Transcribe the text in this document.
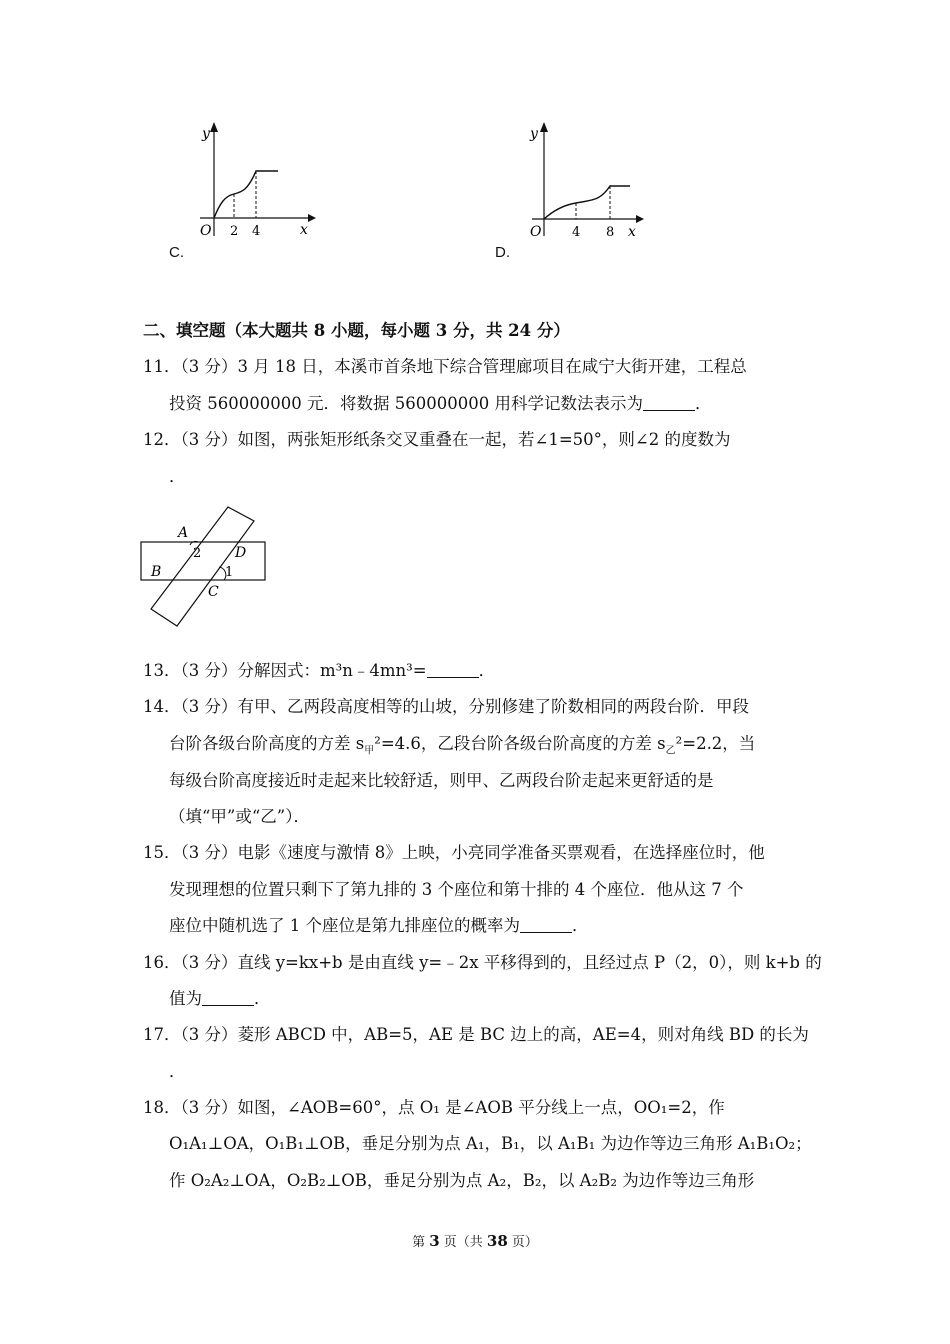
y
x
O 2 4
C.
y
x
O 4 8
D.
二、填空题（本大题共 8 小题，每小题 3 分，共 24 分）
11．（3 分）3 月 18 日，本溪市首条地下综合管理廊项目在咸宁大街开建，工程总
投资 560000000 元．将数据 560000000 用科学记数法表示为	．
12．（3 分）如图，两张矩形纸条交叉重叠在一起，若∠1=50°，则∠2 的度数为
．
A
2 D
B	1
C
13．（3 分）分解因式：m³n﹣4mn³=	．
14．（3 分）有甲、乙两段高度相等的山坡，分别修建了阶数相同的两段台阶．甲段
台阶各级台阶高度的方差 $s_甲^2=4.6$，乙段台阶各级台阶高度的方差 $s_乙^2=2.2$，当
每级台阶高度接近时走起来比较舒适，则甲、乙两段台阶走起来更舒适的是
（填“甲”或“乙”）．
15．（3 分）电影《速度与激情 8》上映，小亮同学准备买票观看，在选择座位时，他
发现理想的位置只剩下了第九排的 3 个座位和第十排的 4 个座位．他从这 7 个
座位中随机选了 1 个座位是第九排座位的概率为	．
16．（3 分）直线 y=kx+b 是由直线 y=﹣2x 平移得到的，且经过点 P（2，0），则 k+b 的
值为	．
17．（3 分）菱形 ABCD 中，AB=5，AE 是 BC 边上的高，AE=4，则对角线 BD 的长为
．
18．（3 分）如图，∠AOB=60°，点 O₁ 是∠AOB 平分线上一点，OO₁=2，作
O₁A₁⊥OA，O₁B₁⊥OB，垂足分别为点 A₁，B₁，以 A₁B₁ 为边作等边三角形 A₁B₁O₂；
作 O₂A₂⊥OA，O₂B₂⊥OB，垂足分别为点 A₂，B₂，以 A₂B₂ 为边作等边三角形
第 3 页（共 38 页）
